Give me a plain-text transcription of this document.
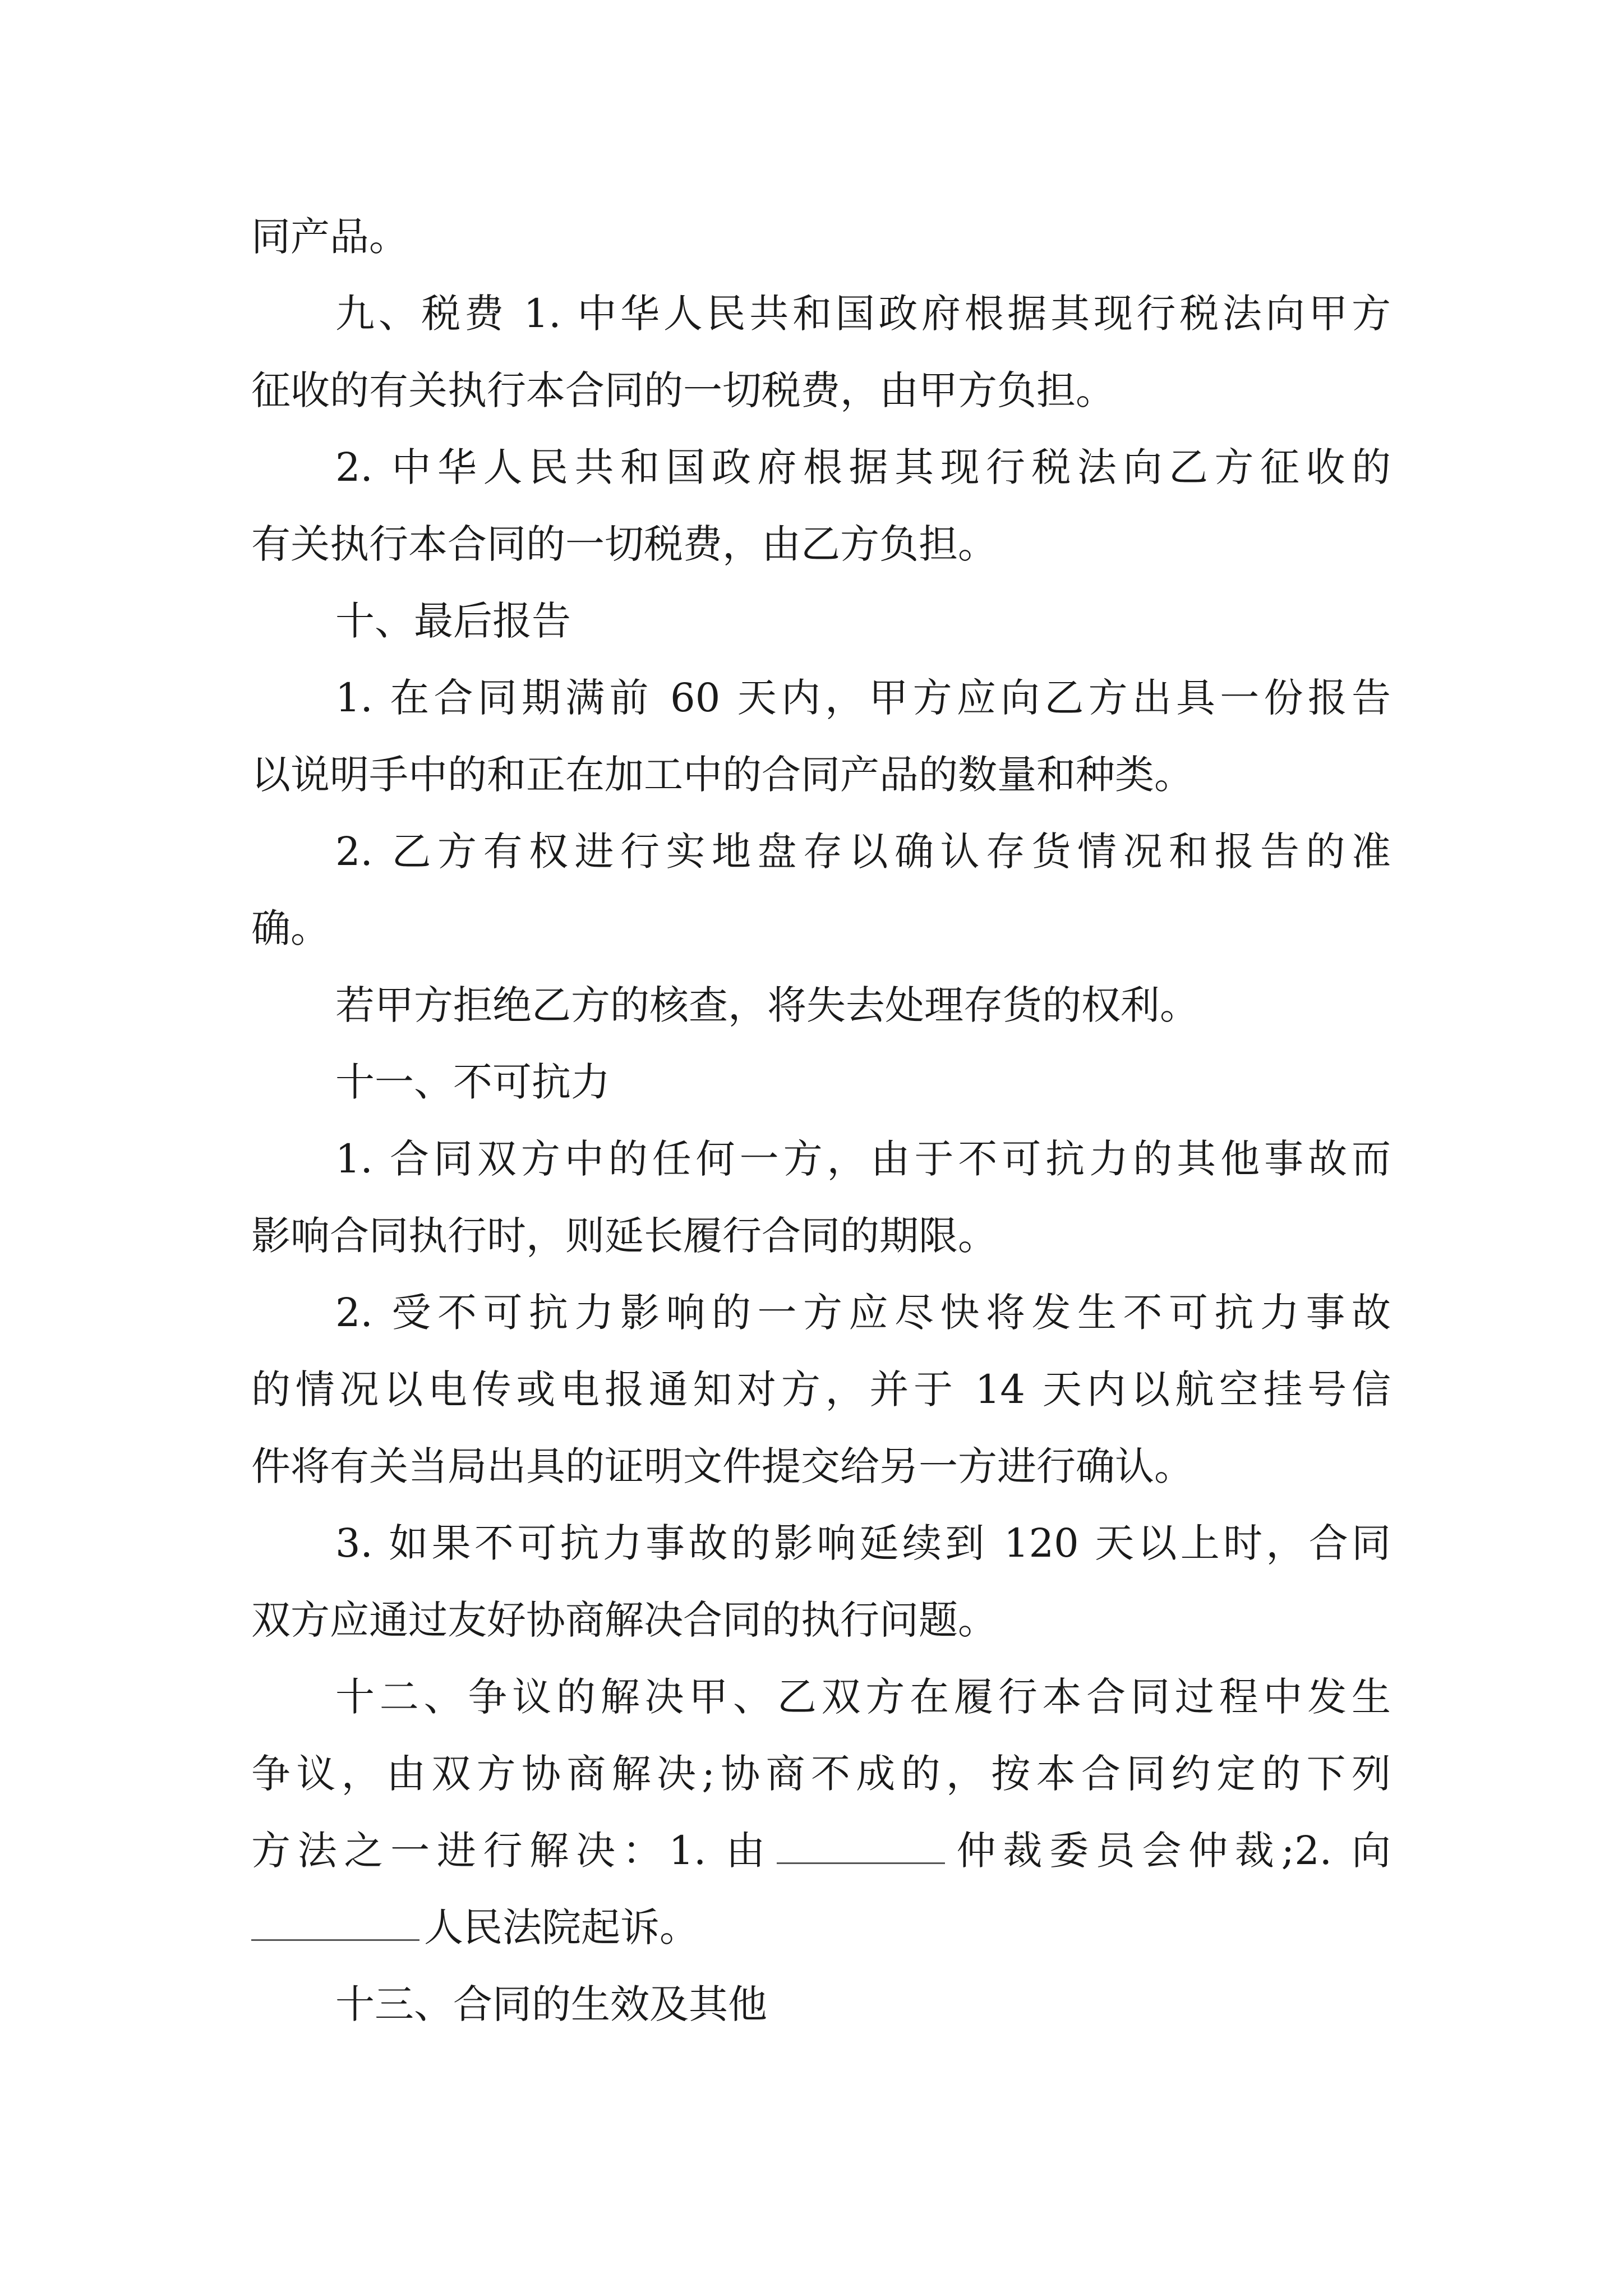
同产品。
九、税费 1. 中华人民共和国政府根据其现行税法向甲方
征收的有关执行本合同的一切税费，由甲方负担。
2. 中华人民共和国政府根据其现行税法向乙方征收的
有关执行本合同的一切税费，由乙方负担。
十、最后报告
1. 在合同期满前 60 天内，甲方应向乙方出具一份报告
以说明手中的和正在加工中的合同产品的数量和种类。
2. 乙方有权进行实地盘存以确认存货情况和报告的准
确。
若甲方拒绝乙方的核查，将失去处理存货的权利。
十一、不可抗力
1. 合同双方中的任何一方，由于不可抗力的其他事故而
影响合同执行时，则延长履行合同的期限。
2. 受不可抗力影响的一方应尽快将发生不可抗力事故
的情况以电传或电报通知对方，并于 14 天内以航空挂号信
件将有关当局出具的证明文件提交给另一方进行确认。
3. 如果不可抗力事故的影响延续到 120 天以上时，合同
双方应通过友好协商解决合同的执行问题。
十二、争议的解决甲、乙双方在履行本合同过程中发生
争议，由双方协商解决;协商不成的，按本合同约定的下列
方法之一进行解决：1. 由	仲裁委员会仲裁;2. 向
人民法院起诉。
十三、合同的生效及其他
